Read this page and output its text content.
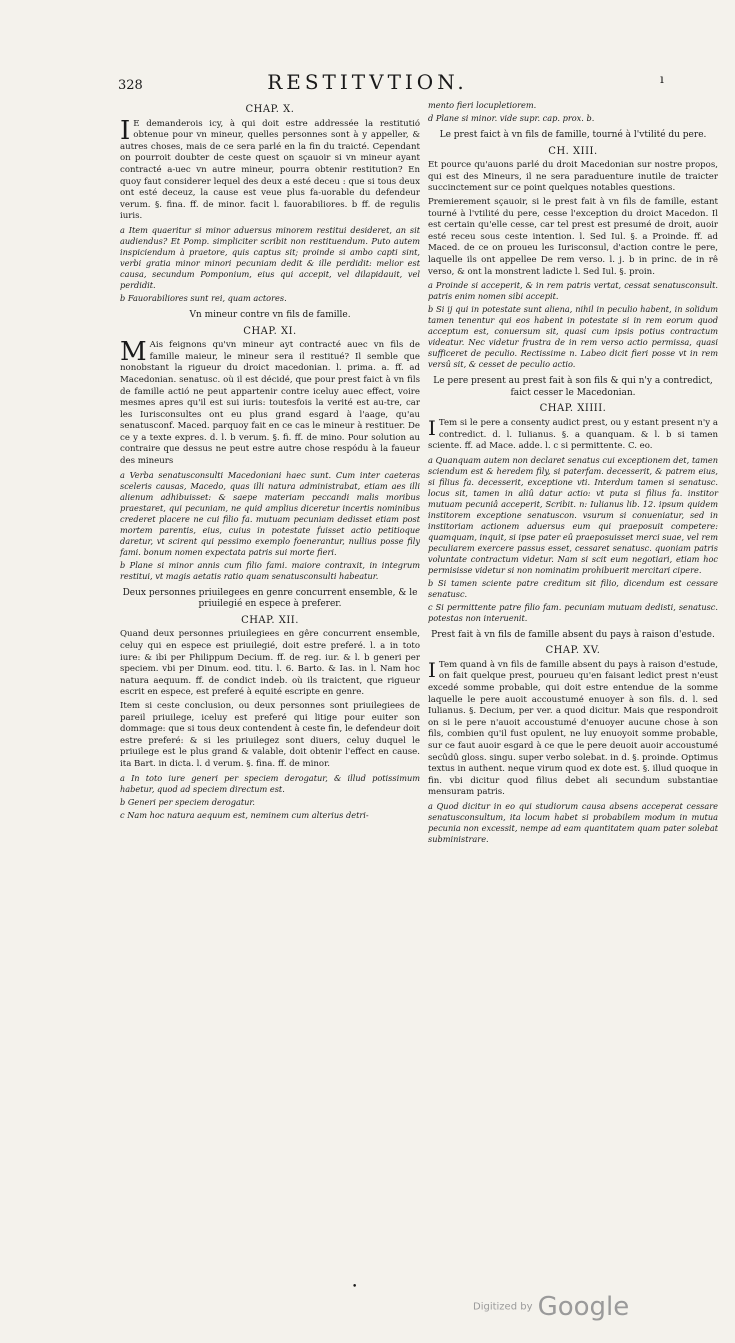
328	RESTITVTION.	ı
CHAP. X.

I E demanderois icy, à qui doit estre addressée la restitutió obtenue pour vn mineur, quelles personnes sont à y appeller, & autres choses, mais de ce sera parlé en la fin du traicté. Cependant on pourroit doubter de ceste quest on sçauoir si vn mineur ayant contracté a-uec vn autre mineur, pourra obtenir restitution? En quoy faut considerer lequel des deux a esté deceu : que si tous deux ont esté deceuz, la cause est veue plus fa-uorable du defendeur verum. §. fina. ff. de minor. facit l. fauorabiliores. b ff. de regulis iuris.

a Item quaeritur si minor aduersus minorem restitui desideret, an sit audiendus? Et Pomp. simpliciter scribit non restituendum. Puto autem inspiciendum à praetore, quis captus sit; proinde si ambo capti sint, verbi gratia minor minori pecuniam dedit & ille perdidit: melior est causa, secundum Pomponium, eius qui accepit, vel dilapidauit, vel perdidit.

b Fauorabiliores sunt rei, quam actores.

Vn mineur contre vn fils de famille.
CHAP. XI.

M Ais feignons qu'vn mineur ayt contracté auec vn fils de famille maieur, le mineur sera il restitué? Il semble que nonobstant la rigueur du droict macedonian. l. prima. a. ff. ad Macedonian. senatusc. où il est décidé, que pour prest faict à vn fils de famille actió ne peut appartenir contre iceluy auec effect, voire mesmes apres qu'il est sui iuris: toutesfois la verité est au-tre, car les Iurisconsultes ont eu plus grand esgard à l'aage, qu'au senatusconf. Maced. parquoy fait en ce cas le mineur à restituer. De ce y a texte expres. d. l. b verum. §. fi. ff. de mino. Pour solution au contraire que dessus ne peut estre autre chose respódu à la faueur des mineurs

a Verba senatusconsulti Macedoniani haec sunt. Cum inter caeteras sceleris causas, Macedo, quas illi natura administrabat, etiam aes illi alienum adhibuisset: & saepe materiam peccandi malis moribus praestaret, qui pecuniam, ne quid amplius diceretur incertis nominibus crederet placere ne cui filio fa. mutuam pecuniam dedisset etiam post mortem parentis, eius, cuius in potestate fuisset actio petitioque daretur, vt scirent qui pessimo exemplo foenerantur, nullius posse fily fami. bonum nomen expectata patris sui morte fieri.

b Plane si minor annis cum filio fami. maiore contraxit, in integrum restitui, vt magis aetatis ratio quam senatusconsulti habeatur.

Deux personnes priuilegees en genre concurrent ensemble, & le priuilegié en espece à preferer.
CHAP. XII.

Quand deux personnes priuilegiees en gêre concurrent ensemble, celuy qui en espece est priuilegié, doit estre preferé. l. a in toto iure: & ibi per Philippum Decium. ff. de reg. iur. & l. b generi per speciem. vbi per Dinum. eod. titu. l. 6. Barto. & Ias. in l. Nam hoc natura aequum. ff. de condict indeb. où ils traictent, que rigueur escrit en espece, est preferé à equité escripte en genre.

Item si ceste conclusion, ou deux personnes sont priuilegiees de pareil priuilege, iceluy est preferé qui litige pour euiter son dommage: que si tous deux contendent à ceste fin, le defendeur doit estre preferé: & si les priuilegez sont diuers, celuy duquel le priuilege est le plus grand & valable, doit obtenir l'effect en cause. ita Bart. in dicta. l. d verum. §. fina. ff. de minor.

a In toto iure generi per speciem derogatur, & illud potissimum habetur, quod ad speciem directum est.

b Generi per speciem derogatur.

c Nam hoc natura aequum est, neminem cum alterius detri-

mento fieri locupletiorem.

d Plane si minor. vide supr. cap. prox. b.

Le prest faict à vn fils de famille, tourné à l'vtilité du pere.
CH. XIII.

Et pource qu'auons parlé du droit Macedonian sur nostre propos, qui est des Mineurs, il ne sera paraduenture inutile de traicter succinctement sur ce point quelques notables questions.

Premierement sçauoir, si le prest fait à vn fils de famille, estant tourné à l'vtilité du pere, cesse l'exception du droict Macedon. Il est certain qu'elle cesse, car tel prest est presumé de droit, auoir esté receu sous ceste intention. l. Sed Iul. §. a Proinde. ff. ad Maced. de ce on proueu les Iurisconsul, d'action contre le pere, laquelle ils ont appellee De rem verso. l. j. b in princ. de in rê verso, & ont la monstrent ladicte l. Sed Iul. §. proin.

a Proinde si acceperit, & in rem patris vertat, cessat senatusconsult. patris enim nomen sibi accepit.

b Si ij qui in potestate sunt aliena, nihil in peculio habent, in solidum tamen tenentur qui eos habent in potestate si in rem eorum quod acceptum est, conuersum sit, quasi cum ipsis potius contractum videatur. Nec videtur frustra de in rem verso actio permissa, quasi sufficeret de peculio. Rectissime n. Labeo dicit fieri posse vt in rem versû sit, & cesset de peculio actio.

Le pere present au prest fait à son fils & qui n'y a contredict, faict cesser le Macedonian.
CHAP. XIIII.

I Tem si le pere a consenty audict prest, ou y estant present n'y a contredict. d. l. Iulianus. §. a quanquam. & l. b si tamen sciente. ff. ad Mace. adde. l. c si permittente. C. eo.

a Quanquam autem non declaret senatus cui exceptionem det, tamen sciendum est & heredem fily, si paterfam. decesserit, & patrem eius, si filius fa. decesserit, exceptione vti. Interdum tamen si senatusc. locus sit, tamen in aliû datur actio: vt puta si filius fa. institor mutuam pecuniâ acceperit, Scribit. n: Iulianus lib. 12. ipsum quidem institorem exceptione senatuscon. vsurum si conueniatur, sed in institoriam actionem aduersus eum qui praeposuit competere: quamquam, inquit, si ipse pater eû praeposuisset merci suae, vel rem peculiarem exercere passus esset, cessaret senatusc. quoniam patris voluntate contractum videtur. Nam si scit eum negotiari, etiam hoc permisisse videtur si non nominatim prohibuerit mercitari cipere.

b Si tamen sciente patre creditum sit filio, dicendum est cessare senatusc.

c Si permittente patre filio fam. pecuniam mutuam dedisti, senatusc. potestas non interuenit.

Prest fait à vn fils de famille absent du pays à raison d'estude.
CHAP. XV.

I Tem quand à vn fils de famille absent du pays à raison d'estude, on fait quelque prest, pourueu qu'en faisant ledict prest n'eust excedé somme probable, qui doit estre entendue de la somme laquelle le pere auoit accoustumé enuoyer à son fils. d. l. sed Iulianus. §. Decium, per ver. a quod dicitur. Mais que respondroit on si le pere n'auoit accoustumé d'enuoyer aucune chose à son fils, combien qu'il fust opulent, ne luy enuoyoit somme probable, sur ce faut auoir esgard à ce que le pere deuoit auoir accoustumé secûdû gloss. singu. super verbo solebat. in d. §. proinde. Optimus textus in authent. neque virum quod ex dote est. §. illud quoque in fin. vbi dicitur quod filius debet ali secundum substantiae mensuram patris.

a Quod dicitur in eo qui studiorum causa absens acceperat cessare senatusconsultum, ita locum habet si probabilem modum in mutua pecunia non excessit, nempe ad eam quantitatem quam pater solebat subministrare.

•
Digitized by Google
